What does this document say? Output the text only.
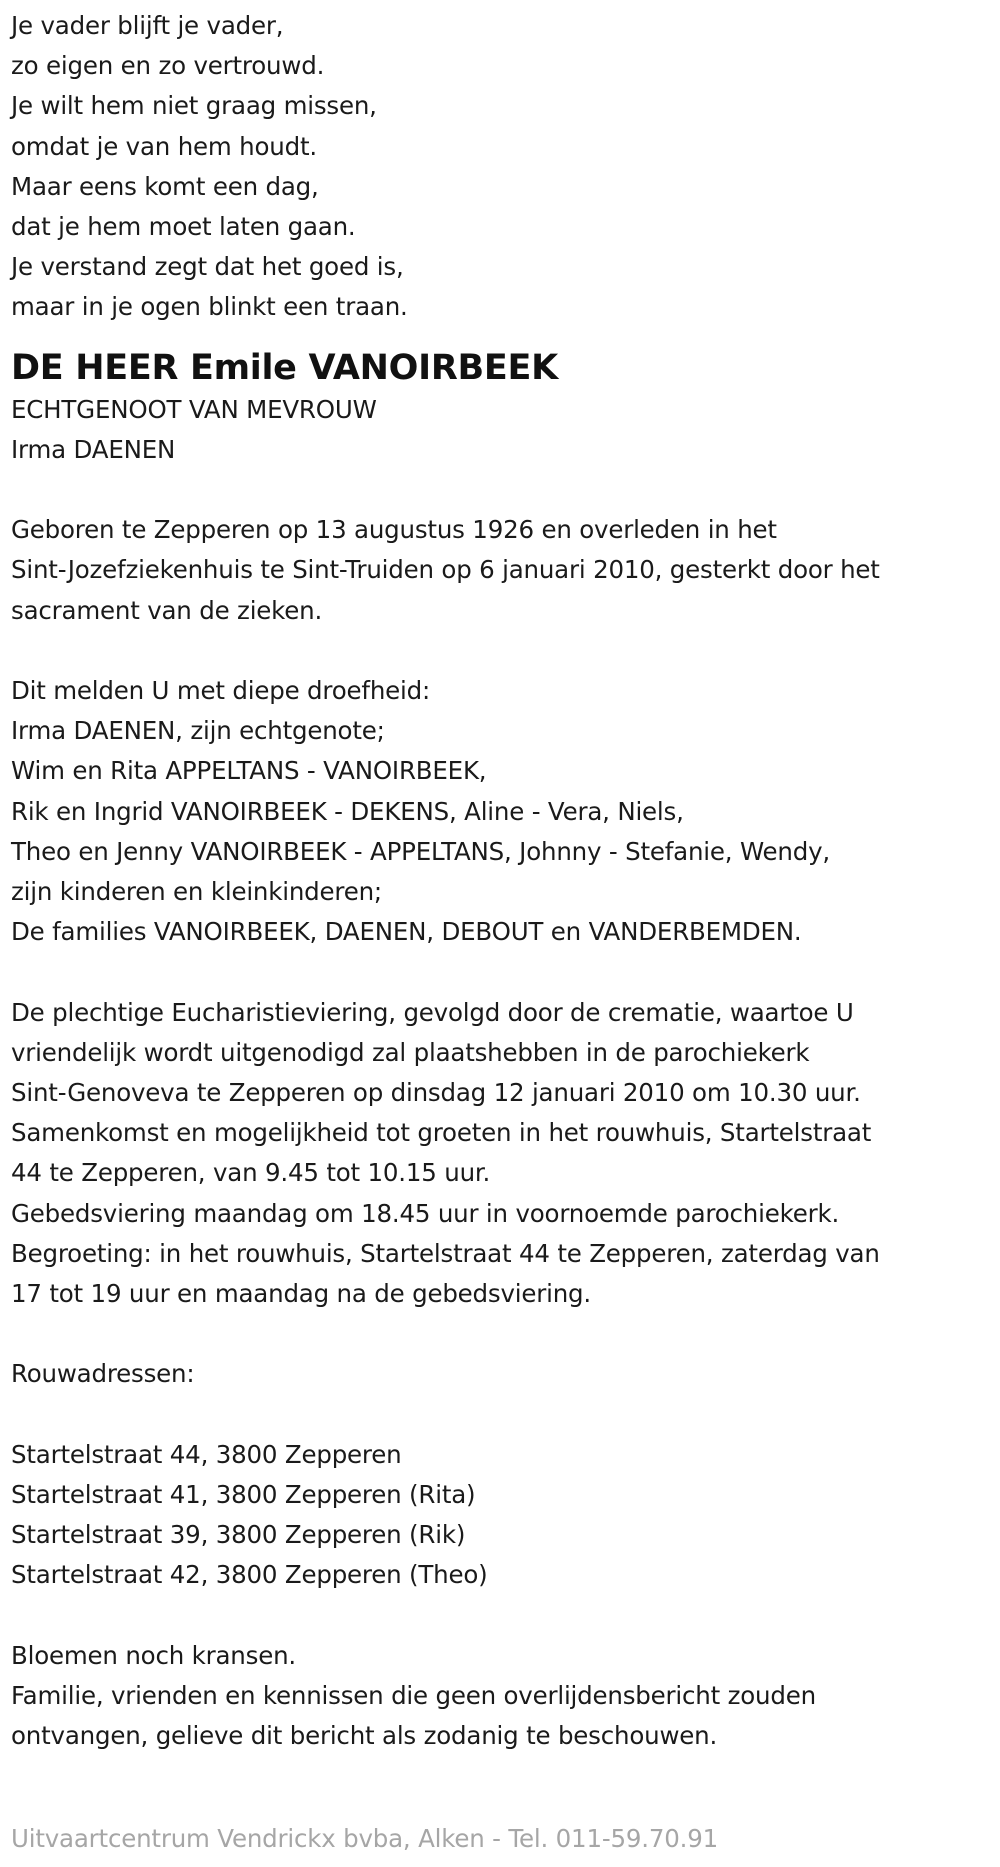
Je vader blijft je vader,
zo eigen en zo vertrouwd.
Je wilt hem niet graag missen,
omdat je van hem houdt.
Maar eens komt een dag,
dat je hem moet laten gaan.
Je verstand zegt dat het goed is,
maar in je ogen blinkt een traan.
DE HEER Emile VANOIRBEEK
ECHTGENOOT VAN MEVROUW
Irma DAENEN
Geboren te Zepperen op 13 augustus 1926 en overleden in het
Sint-Jozefziekenhuis te Sint-Truiden op 6 januari 2010, gesterkt door het
sacrament van de zieken.
Dit melden U met diepe droefheid:
Irma DAENEN, zijn echtgenote;
Wim en Rita APPELTANS - VANOIRBEEK,
Rik en Ingrid VANOIRBEEK - DEKENS, Aline - Vera, Niels,
Theo en Jenny VANOIRBEEK - APPELTANS, Johnny - Stefanie, Wendy,
zijn kinderen en kleinkinderen;
De families VANOIRBEEK, DAENEN, DEBOUT en VANDERBEMDEN.
De plechtige Eucharistieviering, gevolgd door de crematie, waartoe U
vriendelijk wordt uitgenodigd zal plaatshebben in de parochiekerk
Sint-Genoveva te Zepperen op dinsdag 12 januari 2010 om 10.30 uur.
Samenkomst en mogelijkheid tot groeten in het rouwhuis, Startelstraat
44 te Zepperen, van 9.45 tot 10.15 uur.
Gebedsviering maandag om 18.45 uur in voornoemde parochiekerk.
Begroeting: in het rouwhuis, Startelstraat 44 te Zepperen, zaterdag van
17 tot 19 uur en maandag na de gebedsviering.
Rouwadressen:
Startelstraat 44, 3800 Zepperen
Startelstraat 41, 3800 Zepperen (Rita)
Startelstraat 39, 3800 Zepperen (Rik)
Startelstraat 42, 3800 Zepperen (Theo)
Bloemen noch kransen.
Familie, vrienden en kennissen die geen overlijdensbericht zouden
ontvangen, gelieve dit bericht als zodanig te beschouwen.
Uitvaartcentrum Vendrickx bvba, Alken - Tel. 011-59.70.91
